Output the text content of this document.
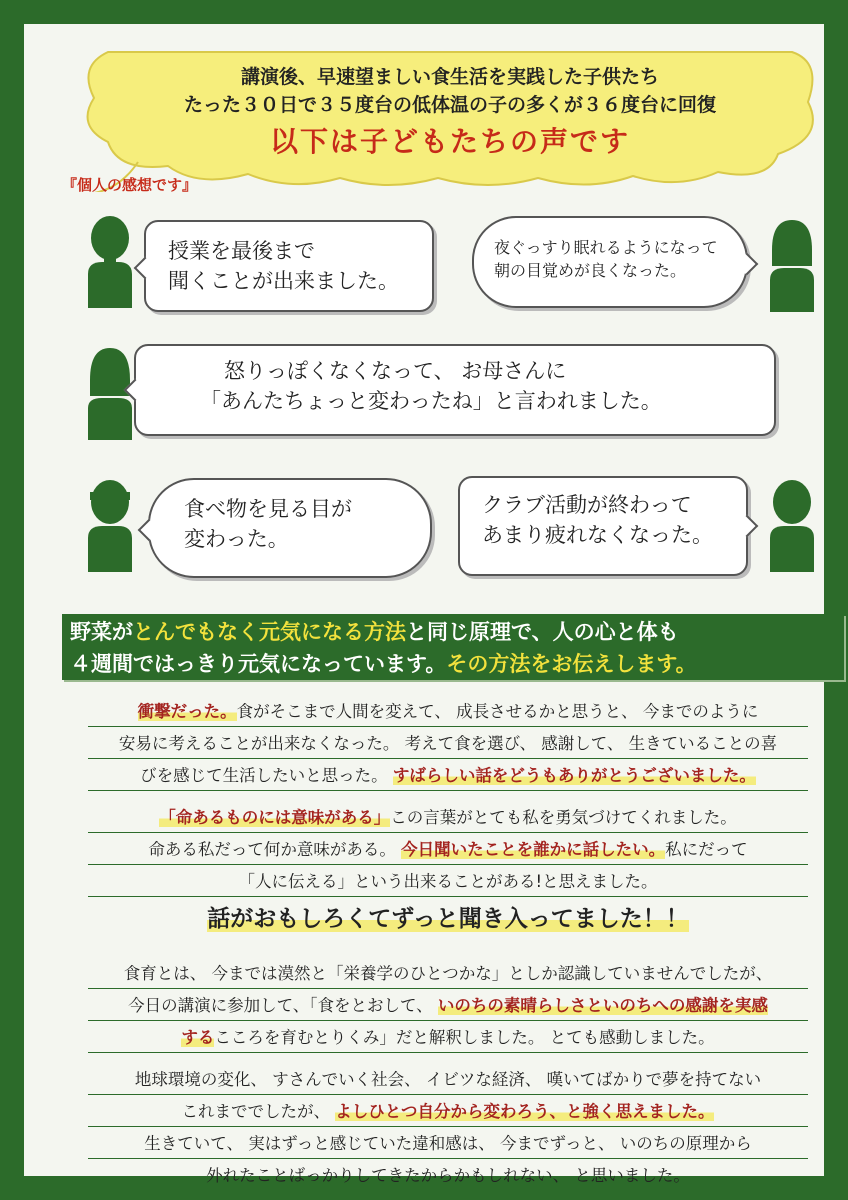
講演後、早速望ましい食生活を実践した子供たち
たった３０日で３５度台の低体温の子の多くが３６度台に回復
以下は子どもたちの声です
『個人の感想です』
授業を最後まで
聞くことが出来ました。
夜ぐっすり眠れるようになって
朝の目覚めが良くなった。
怒りっぽくなくなって、 お母さんに
「あんたちょっと変わったね」と言われました。
食べ物を見る目が
変わった。
クラブ活動が終わって
あまり疲れなくなった。
野菜がとんでもなく元気になる方法と同じ原理で、人の心と体も
４週間ではっきり元気になっています。その方法をお伝えします。
衝撃だった。食がそこまで人間を変えて、 成長させるかと思うと、 今までのように
安易に考えることが出来なくなった。 考えて食を選び、 感謝して、 生きていることの喜
びを感じて生活したいと思った。 すばらしい話をどうもありがとうございました。
「命あるものには意味がある」この言葉がとても私を勇気づけてくれました。
命ある私だって何か意味がある。 今日聞いたことを誰かに話したい。私にだって
「人に伝える」という出来ることがある!と思えました。
話がおもしろくてずっと聞き入ってました！！
食育とは、 今までは漠然と「栄養学のひとつかな」としか認識していませんでしたが、
今日の講演に参加して、「食をとおして、 いのちの素晴らしさといのちへの感謝を実感
するこころを育むとりくみ」だと解釈しました。 とても感動しました。
地球環境の変化、 すさんでいく社会、 イビツな経済、 嘆いてばかりで夢を持てない
これまででしたが、 よしひとつ自分から変わろう、と強く思えました。
生きていて、 実はずっと感じていた違和感は、 今までずっと、 いのちの原理から
外れたことばっかりしてきたからかもしれない、 と思いました。
